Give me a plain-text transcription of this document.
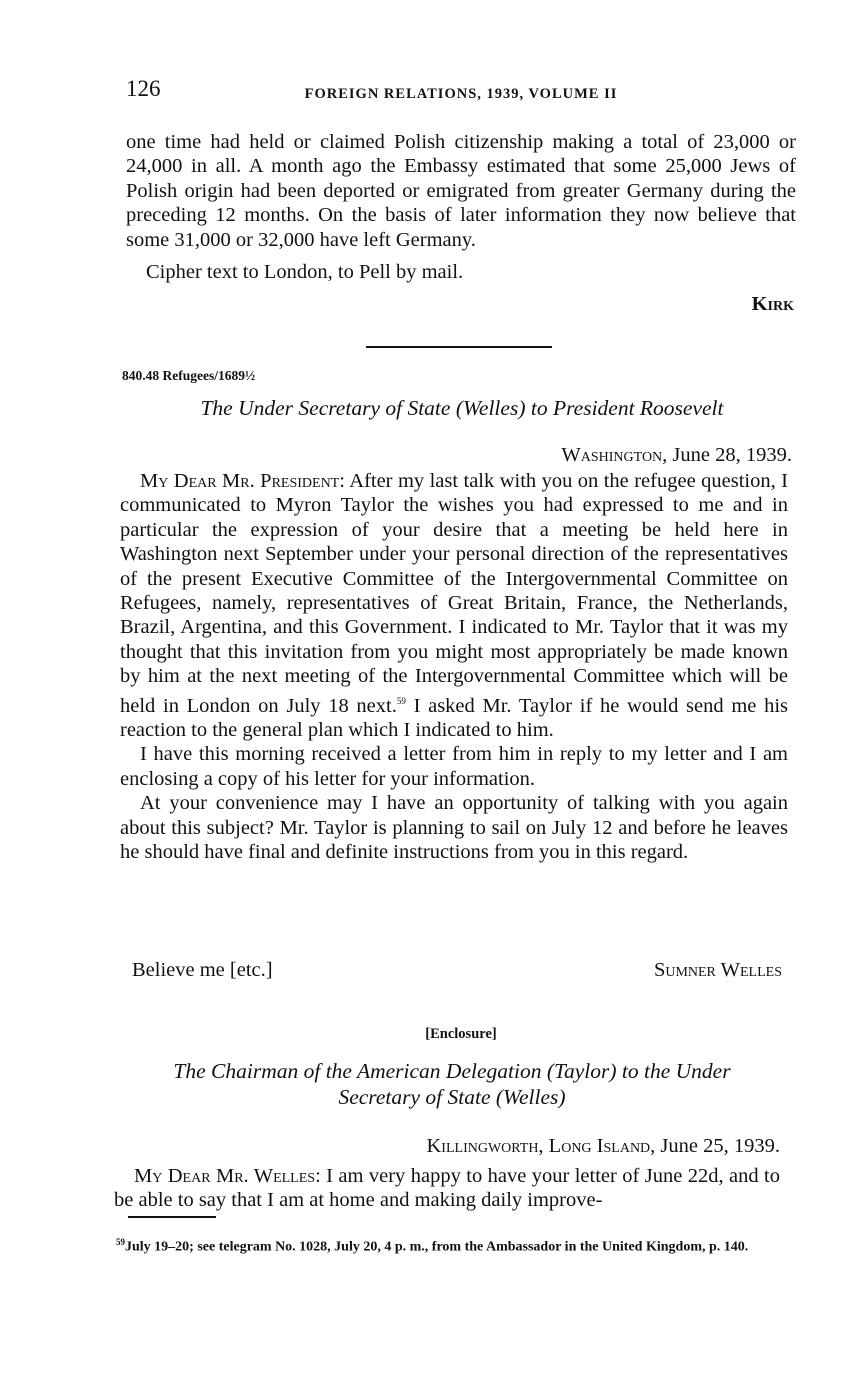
126	FOREIGN RELATIONS, 1939, VOLUME II

one time had held or claimed Polish citizenship making a total of 23,000 or 24,000 in all. A month ago the Embassy estimated that some 25,000 Jews of Polish origin had been deported or emigrated from greater Germany during the preceding 12 months. On the basis of later information they now believe that some 31,000 or 32,000 have left Germany.

Cipher text to London, to Pell by mail.

Kirk

840.48 Refugees/1689½
The Under Secretary of State (Welles) to President Roosevelt
Washington, June 28, 1939.

My Dear Mr. President: After my last talk with you on the refugee question, I communicated to Myron Taylor the wishes you had expressed to me and in particular the expression of your desire that a meeting be held here in Washington next September under your personal direction of the representatives of the present Executive Committee of the Intergovernmental Committee on Refugees, namely, representatives of Great Britain, France, the Netherlands, Brazil, Argentina, and this Government. I indicated to Mr. Taylor that it was my thought that this invitation from you might most appropriately be made known by him at the next meeting of the Intergovernmental Committee which will be held in London on July 18 next.$^{59}$ I asked Mr. Taylor if he would send me his reaction to the general plan which I indicated to him.

I have this morning received a letter from him in reply to my letter and I am enclosing a copy of his letter for your information.

At your convenience may I have an opportunity of talking with you again about this subject? Mr. Taylor is planning to sail on July 12 and before he leaves he should have final and definite instructions from you in this regard.

Believe me [etc.]	Sumner Welles
[Enclosure]
The Chairman of the American Delegation (Taylor) to the Under Secretary of State (Welles)
Killingworth, Long Island, June 25, 1939.

My Dear Mr. Welles: I am very happy to have your letter of June 22d, and to be able to say that I am at home and making daily improve-

$^{59}$July 19–20; see telegram No. 1028, July 20, 4 p. m., from the Ambassador in the United Kingdom, p. 140.
